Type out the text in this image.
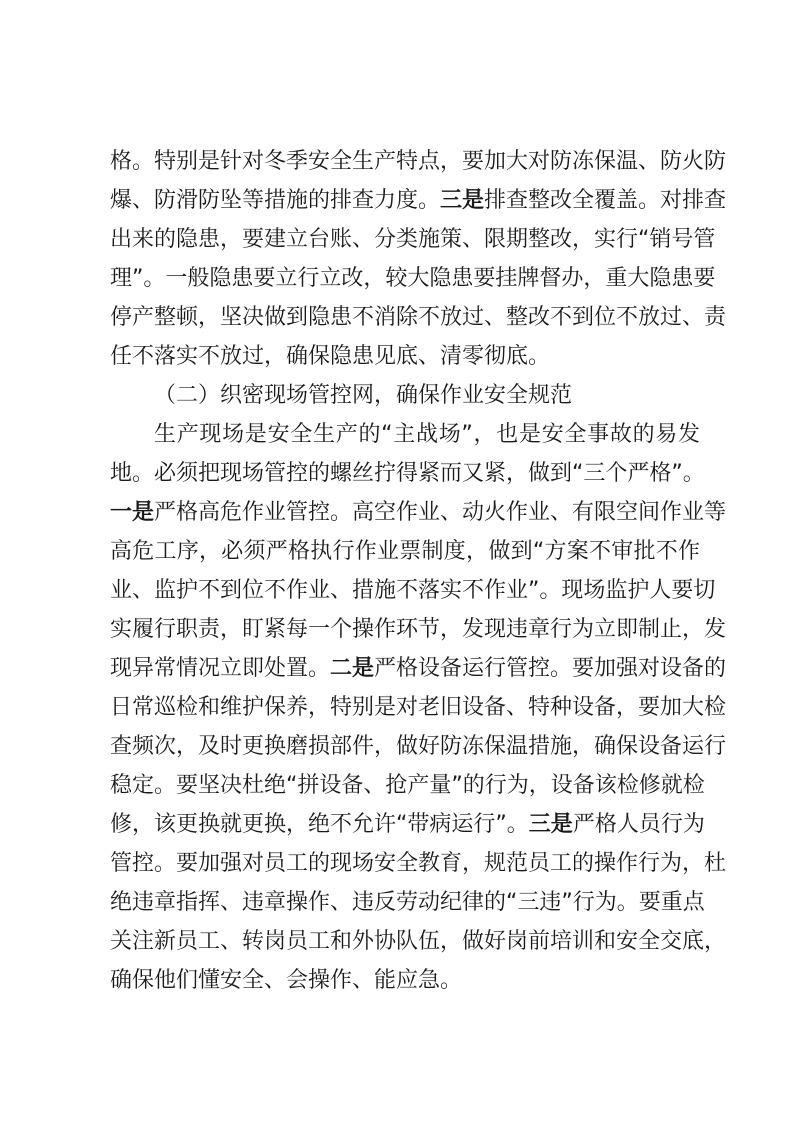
格。特别是针对冬季安全生产特点，要加大对防冻保温、防火防
爆、防滑防坠等措施的排查力度。三是排查整改全覆盖。对排查
出来的隐患，要建立台账、分类施策、限期整改，实行“销号管
理”。一般隐患要立行立改，较大隐患要挂牌督办，重大隐患要
停产整顿，坚决做到隐患不消除不放过、整改不到位不放过、责
任不落实不放过，确保隐患见底、清零彻底。
（二）织密现场管控网，确保作业安全规范
生产现场是安全生产的“主战场”，也是安全事故的易发
地。必须把现场管控的螺丝拧得紧而又紧，做到“三个严格”。
一是严格高危作业管控。高空作业、动火作业、有限空间作业等
高危工序，必须严格执行作业票制度，做到“方案不审批不作
业、监护不到位不作业、措施不落实不作业”。现场监护人要切
实履行职责，盯紧每一个操作环节，发现违章行为立即制止，发
现异常情况立即处置。二是严格设备运行管控。要加强对设备的
日常巡检和维护保养，特别是对老旧设备、特种设备，要加大检
查频次，及时更换磨损部件，做好防冻保温措施，确保设备运行
稳定。要坚决杜绝“拼设备、抢产量”的行为，设备该检修就检
修，该更换就更换，绝不允许“带病运行”。三是严格人员行为
管控。要加强对员工的现场安全教育，规范员工的操作行为，杜
绝违章指挥、违章操作、违反劳动纪律的“三违”行为。要重点
关注新员工、转岗员工和外协队伍，做好岗前培训和安全交底，
确保他们懂安全、会操作、能应急。
